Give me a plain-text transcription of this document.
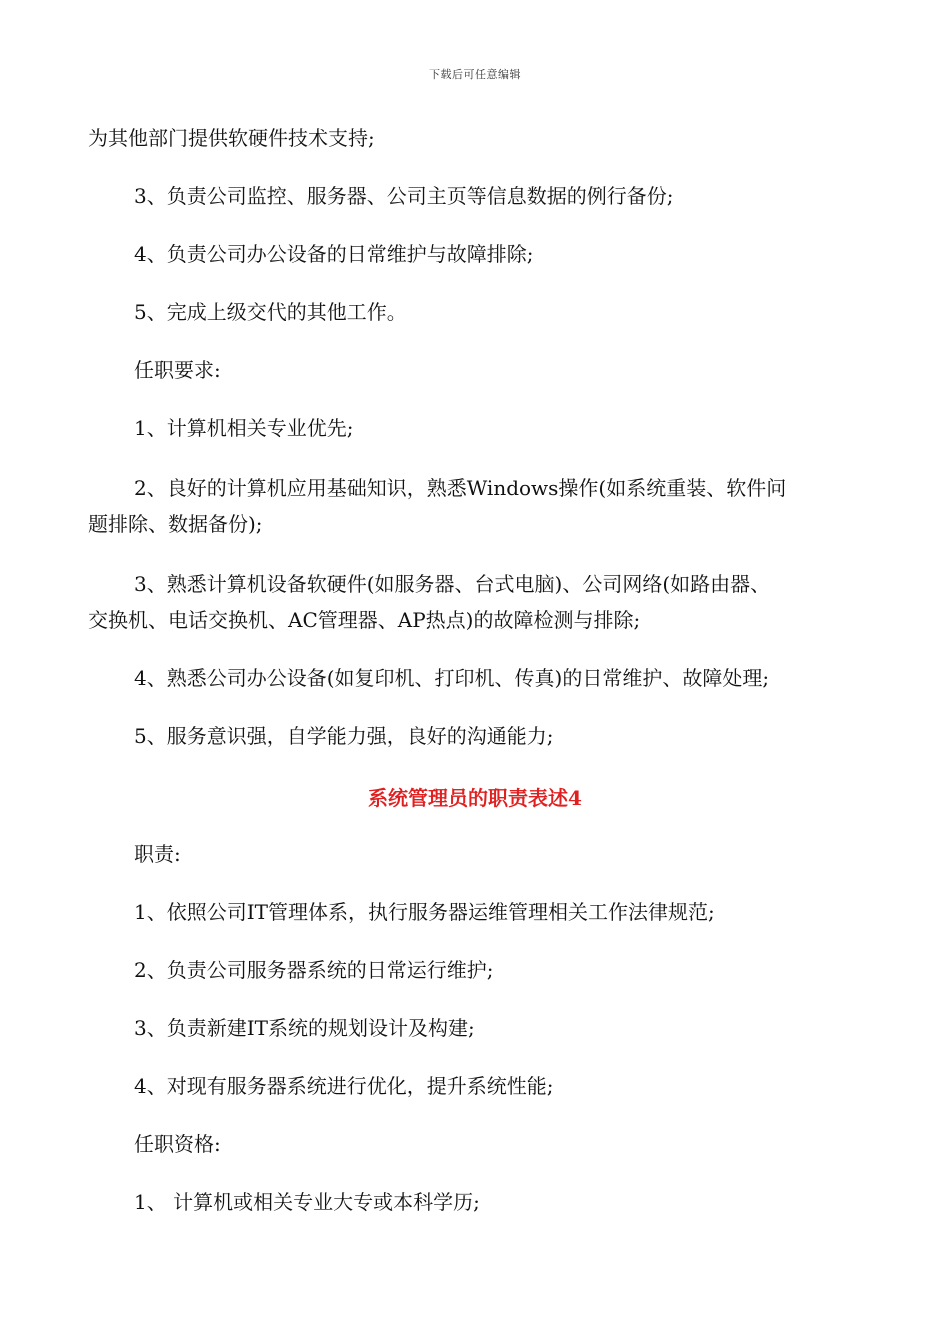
下载后可任意编辑
为其他部门提供软硬件技术支持;
3、负责公司监控、服务器、公司主页等信息数据的例行备份;
4、负责公司办公设备的日常维护与故障排除;
5、完成上级交代的其他工作。
任职要求:
1、计算机相关专业优先;
2、良好的计算机应用基础知识，熟悉Windows操作(如系统重装、软件问
题排除、数据备份);
3、熟悉计算机设备软硬件(如服务器、台式电脑)、公司网络(如路由器、
交换机、电话交换机、AC管理器、AP热点)的故障检测与排除;
4、熟悉公司办公设备(如复印机、打印机、传真)的日常维护、故障处理;
5、服务意识强，自学能力强，良好的沟通能力;
系统管理员的职责表述4
职责:
1、依照公司IT管理体系，执行服务器运维管理相关工作法律规范;
2、负责公司服务器系统的日常运行维护;
3、负责新建IT系统的规划设计及构建;
4、对现有服务器系统进行优化，提升系统性能;
任职资格:
1、 计算机或相关专业大专或本科学历;
